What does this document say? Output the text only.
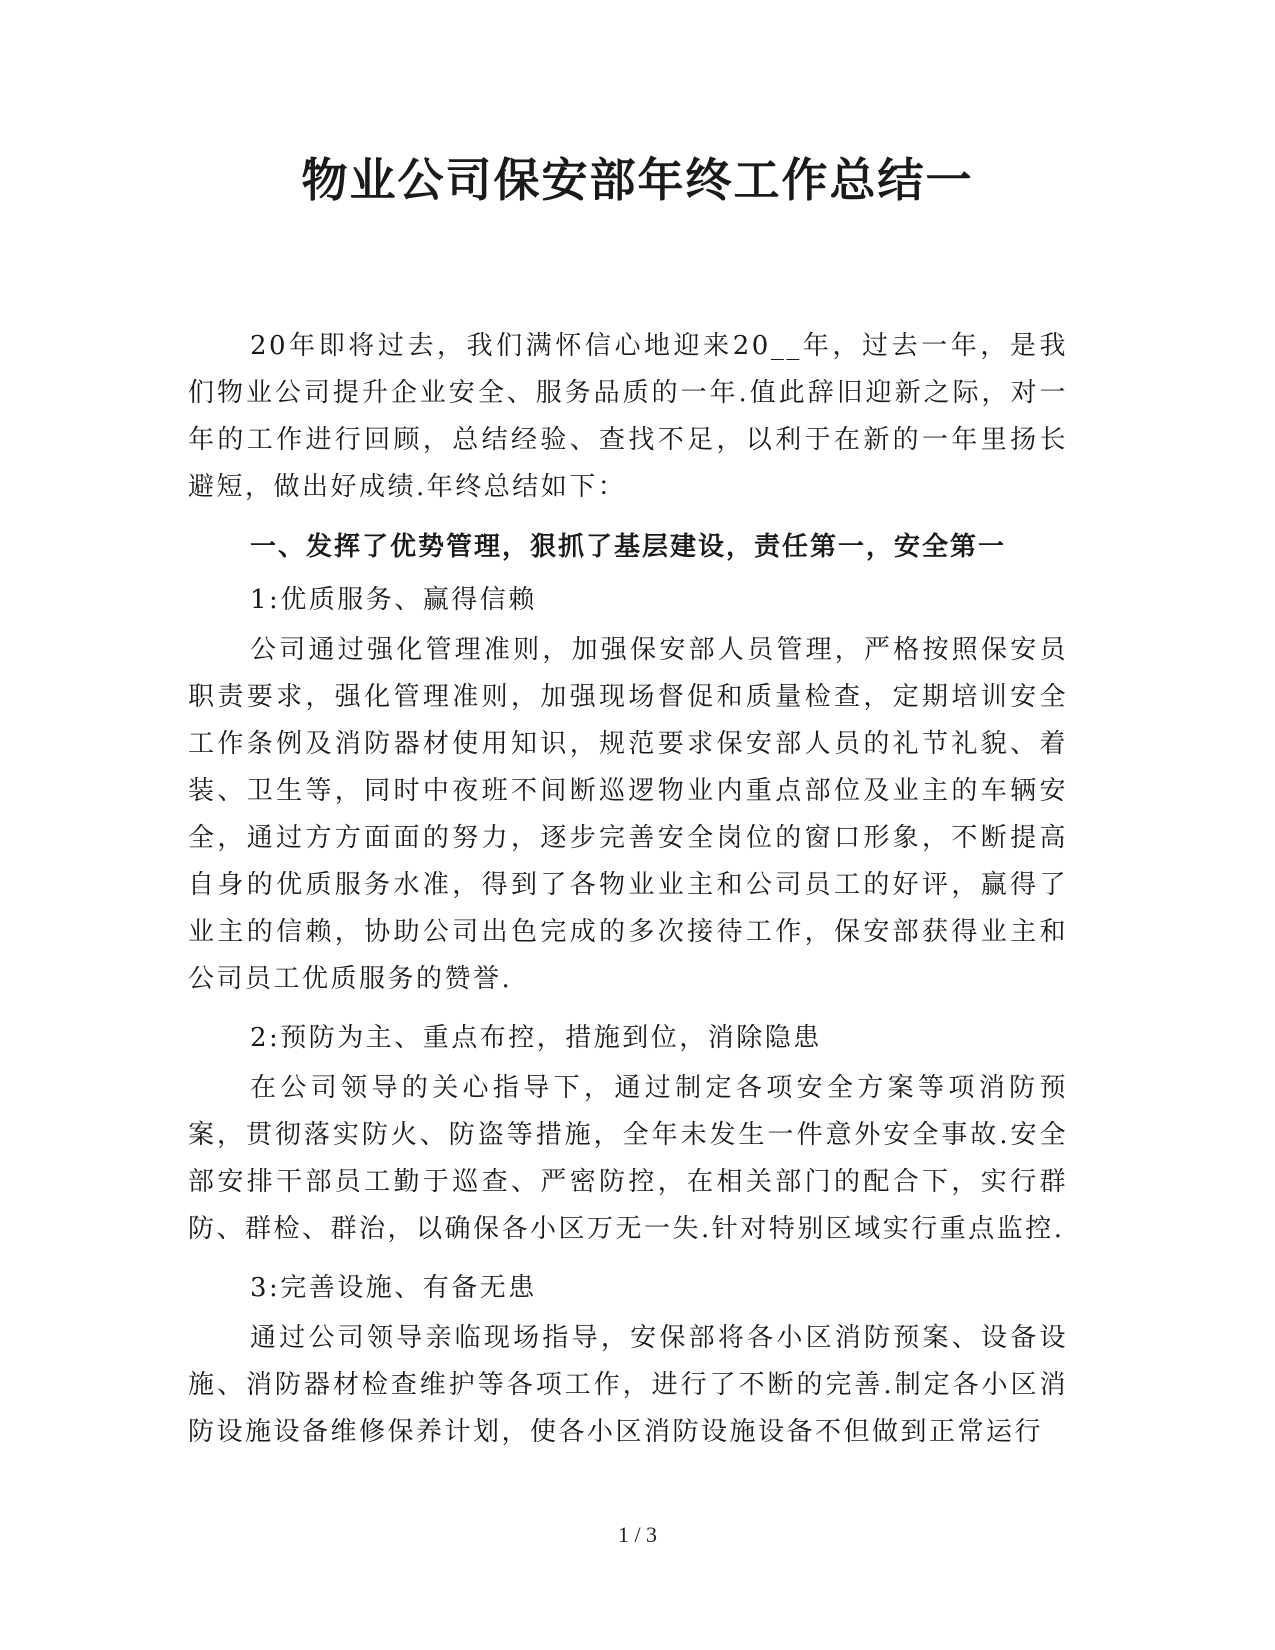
物业公司保安部年终工作总结一

20年即将过去，我们满怀信心地迎来20__年，过去一年，是我们物业公司提升企业安全、服务品质的一年.值此辞旧迎新之际，对一年的工作进行回顾，总结经验、查找不足，以利于在新的一年里扬长避短，做出好成绩.年终总结如下：

一、发挥了优势管理，狠抓了基层建设，责任第一，安全第一

1:优质服务、赢得信赖

公司通过强化管理准则，加强保安部人员管理，严格按照保安员职责要求，强化管理准则，加强现场督促和质量检查，定期培训安全工作条例及消防器材使用知识，规范要求保安部人员的礼节礼貌、着装、卫生等，同时中夜班不间断巡逻物业内重点部位及业主的车辆安全，通过方方面面的努力，逐步完善安全岗位的窗口形象，不断提高自身的优质服务水准，得到了各物业业主和公司员工的好评，赢得了业主的信赖，协助公司出色完成的多次接待工作，保安部获得业主和公司员工优质服务的赞誉.

2:预防为主、重点布控，措施到位，消除隐患

在公司领导的关心指导下，通过制定各项安全方案等项消防预案，贯彻落实防火、防盗等措施，全年未发生一件意外安全事故.安全部安排干部员工勤于巡查、严密防控，在相关部门的配合下，实行群防、群检、群治，以确保各小区万无一失.针对特别区域实行重点监控.

3:完善设施、有备无患

通过公司领导亲临现场指导，安保部将各小区消防预案、设备设施、消防器材检查维护等各项工作，进行了不断的完善.制定各小区消防设施设备维修保养计划，使各小区消防设施设备不但做到正常运行

1 / 3
